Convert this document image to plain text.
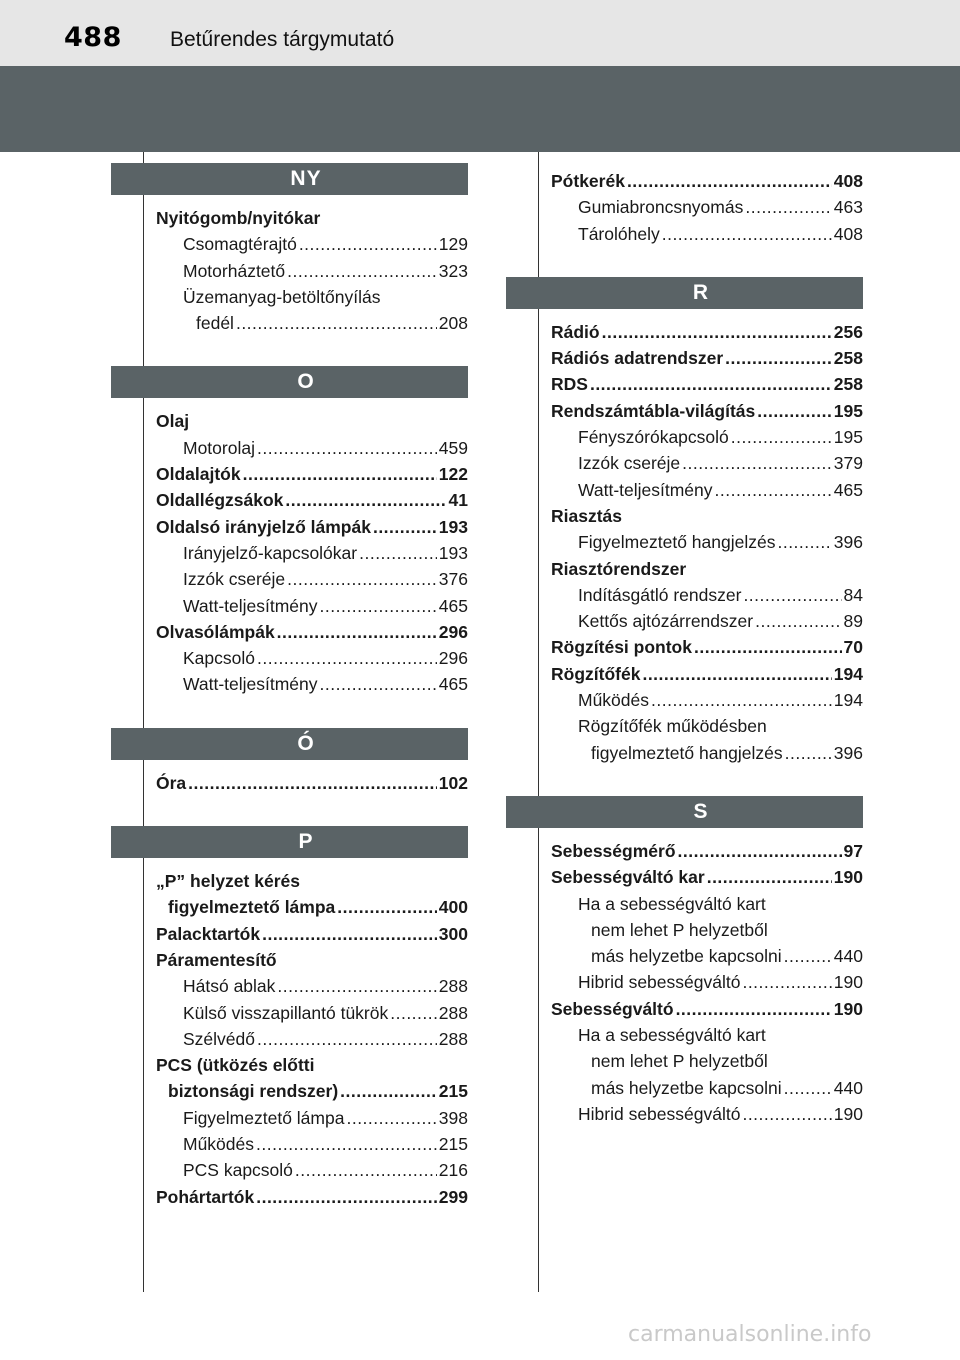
488 Betűrendes tárgymutató
NY
Nyitógomb/nyitókar
Csomagtérajtó .....	129
Motorháztető .....	323
Üzemanyag-betöltőnyílás
fedél .....	208
O
Olaj
Motorolaj .....	459
Oldalajtók .....	122
Oldallégzsákok .....	41
Oldalsó irányjelző lámpák .....	193
Irányjelző-kapcsolókar .....	193
Izzók cseréje .....	376
Watt-teljesítmény .....	465
Olvasólámpák .....	296
Kapcsoló .....	296
Watt-teljesítmény .....	465
Ó
Óra .....	102
P
„P” helyzet kérés
figyelmeztető lámpa .....	400
Palacktartók .....	300
Páramentesítő
Hátsó ablak .....	288
Külső visszapillantó tükrök .....	288
Szélvédő .....	288
PCS (ütközés előtti
biztonsági rendszer) .....	215
Figyelmeztető lámpa .....	398
Működés .....	215
PCS kapcsoló .....	216
Pohártartók .....	299
Pótkerék .....	408
Gumiabroncsnyomás .....	463
Tárolóhely .....	408
R
Rádió .....	256
Rádiós adatrendszer .....	258
RDS .....	258
Rendszámtábla-világítás .....	195
Fényszórókapcsoló .....	195
Izzók cseréje .....	379
Watt-teljesítmény .....	465
Riasztás
Figyelmeztető hangjelzés .....	396
Riasztórendszer
Indításgátló rendszer .....	84
Kettős ajtózárrendszer .....	89
Rögzítési pontok .....	70
Rögzítőfék .....	194
Működés .....	194
Rögzítőfék működésben
figyelmeztető hangjelzés .....	396
S
Sebességmérő .....	97
Sebességváltó kar .....	190
Ha a sebességváltó kart
nem lehet P helyzetből
más helyzetbe kapcsolni .....	440
Hibrid sebességváltó .....	190
Sebességváltó .....	190
Ha a sebességváltó kart
nem lehet P helyzetből
más helyzetbe kapcsolni .....	440
Hibrid sebességváltó .....	190
carmanualsonline.info
